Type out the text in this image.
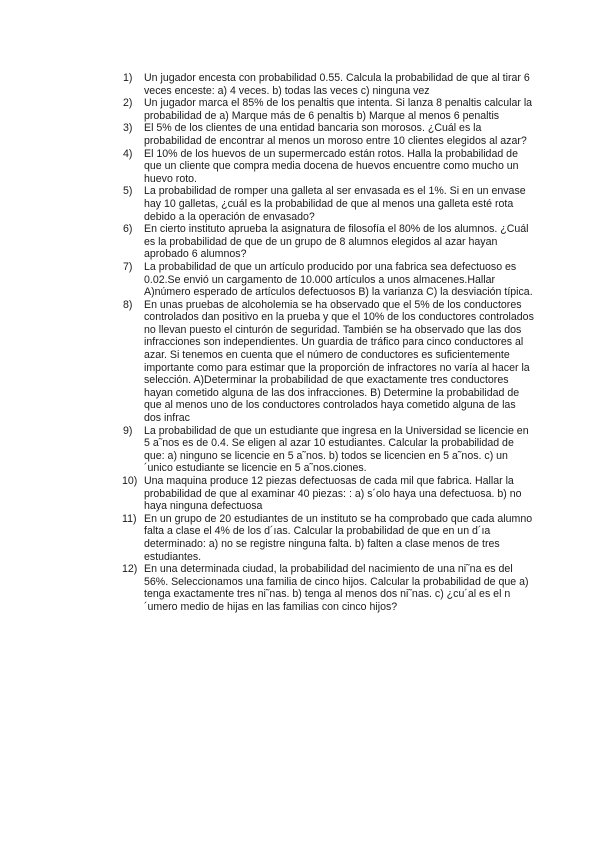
1)	Un jugador encesta con probabilidad 0.55. Calcula la probabilidad de que al tirar 6 veces enceste: a) 4 veces. b) todas las veces c) ninguna vez
2)	Un jugador marca el 85% de los penaltis que intenta. Si lanza 8 penaltis calcular la probabilidad de a) Marque más de 6 penaltis b) Marque al menos 6 penaltis
3)	El 5% de los clientes de una entidad bancaria son morosos. ¿Cuál es la probabilidad de encontrar al menos un moroso entre 10 clientes elegidos al azar?
4)	El 10% de los huevos de un supermercado están rotos. Halla la probabilidad de que un cliente que compra media docena de huevos encuentre como mucho un huevo roto.
5)	La probabilidad de romper una galleta al ser envasada es el 1%. Si en un envase hay 10 galletas, ¿cuál es la probabilidad de que al menos una galleta esté rota debido a la operación de envasado?
6)	En cierto instituto aprueba la asignatura de filosofía el 80% de los alumnos. ¿Cuál es la probabilidad de que de un grupo de 8 alumnos elegidos al azar hayan aprobado 6 alumnos?
7)	La probabilidad de que un artículo producido por una fabrica sea defectuoso es 0.02.Se envió un cargamento de 10.000 artículos a unos almacenes.Hallar A)número esperado de artículos defectuosos B) la varianza C) la desviación típica.
8)	En unas pruebas de alcoholemia se ha observado que el 5% de los conductores controlados dan positivo en la prueba y que el 10% de los conductores controlados no llevan puesto el cinturón de seguridad. También se ha observado que las dos infracciones son independientes. Un guardia de tráfico para cinco conductores al azar. Si tenemos en cuenta que el número de conductores es suficientemente importante como para estimar que la proporción de infractores no varía al hacer la selección. A)Determinar la probabilidad de que exactamente tres conductores hayan cometido alguna de las dos infracciones. B) Determine la probabilidad de que al menos uno de los conductores controlados haya cometido alguna de las dos infrac
9)	La probabilidad de que un estudiante que ingresa en la Universidad se licencie en 5 a˜nos es de 0.4. Se eligen al azar 10 estudiantes. Calcular la probabilidad de que: a) ninguno se licencie en 5 a˜nos. b) todos se licencien en 5 a˜nos. c) un ´unico estudiante se licencie en 5 a˜nos.ciones.
10) Una maquina produce 12 piezas defectuosas de cada mil que fabrica. Hallar la probabilidad de que al examinar 40 piezas: : a) s´olo haya una defectuosa. b) no haya ninguna defectuosa
11) En un grupo de 20 estudiantes de un instituto se ha comprobado que cada alumno falta a clase el 4% de los d´ıas. Calcular la probabilidad de que en un d´ıa determinado: a) no se registre ninguna falta. b) falten a clase menos de tres estudiantes.
12) En una determinada ciudad, la probabilidad del nacimiento de una ni˜na es del 56%. Seleccionamos una familia de cinco hijos. Calcular la probabilidad de que a) tenga exactamente tres ni˜nas. b) tenga al menos dos ni˜nas. c) ¿cu´al es el n´umero medio de hijas en las familias con cinco hijos?
